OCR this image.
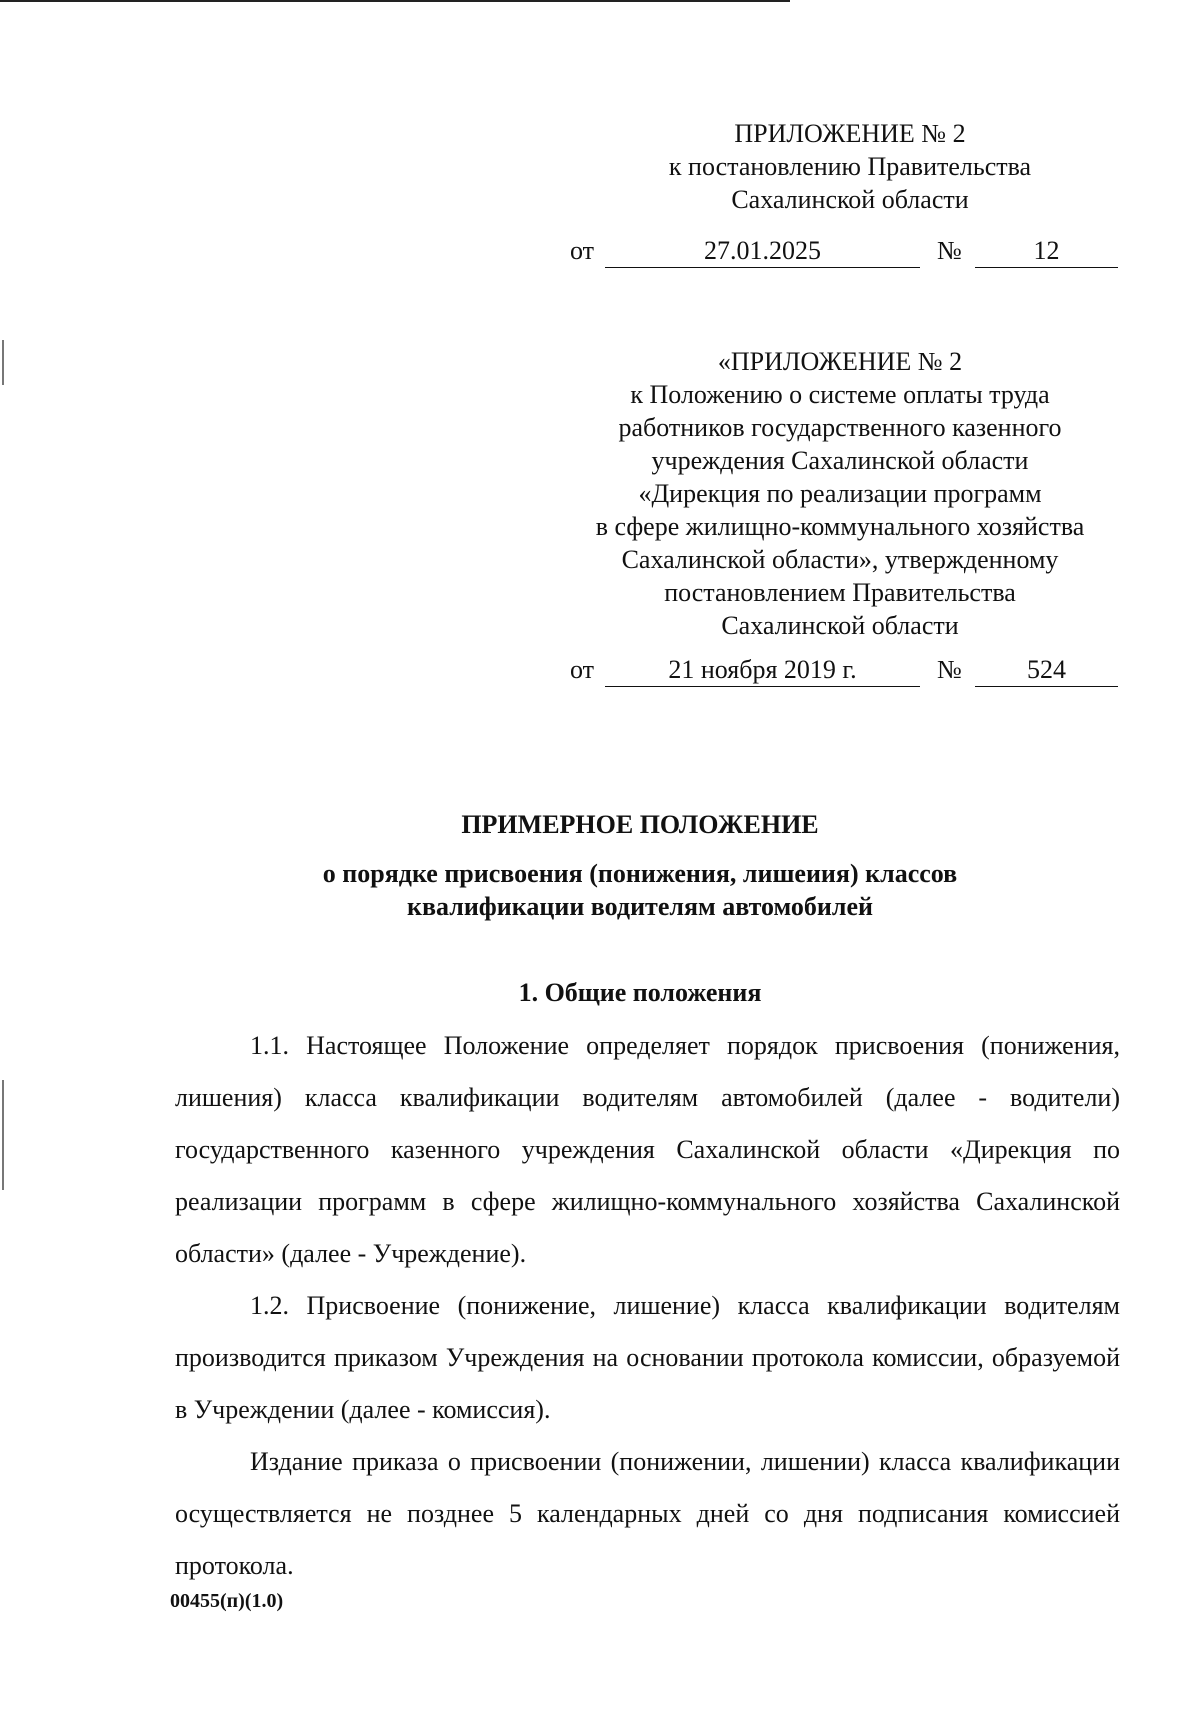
ПРИЛОЖЕНИЕ № 2
к постановлению Правительства
Сахалинской области
от	27.01.2025	№	12
«ПРИЛОЖЕНИЕ № 2
к Положению о системе оплаты труда
работников государственного казенного
учреждения Сахалинской области
«Дирекция по реализации программ
в сфере жилищно-коммунального хозяйства
Сахалинской области», утвержденному
постановлением Правительства
Сахалинской области
от	21 ноября 2019 г.	№	524
ПРИМЕРНОЕ ПОЛОЖЕНИЕ
о порядке присвоения (понижения, лишеиия) классов
квалификации водителям автомобилей
1. Общие положения

1.1. Настоящее Положение определяет порядок присвоения (понижения, лишения) класса квалификации водителям автомобилей (далее - водители) государственного казенного учреждения Сахалинской области «Дирекция по реализации программ в сфере жилищно-коммунального хозяйства Сахалинской области» (далее - Учреждение).

1.2. Присвоение (понижение, лишение) класса квалификации водителям производится приказом Учреждения на основании протокола комиссии, образуемой в Учреждении (далее - комиссия).

Издание приказа о присвоении (понижении, лишении) класса квалификации осуществляется не позднее 5 календарных дней со дня подписания комиссией протокола.

00455(п)(1.0)
